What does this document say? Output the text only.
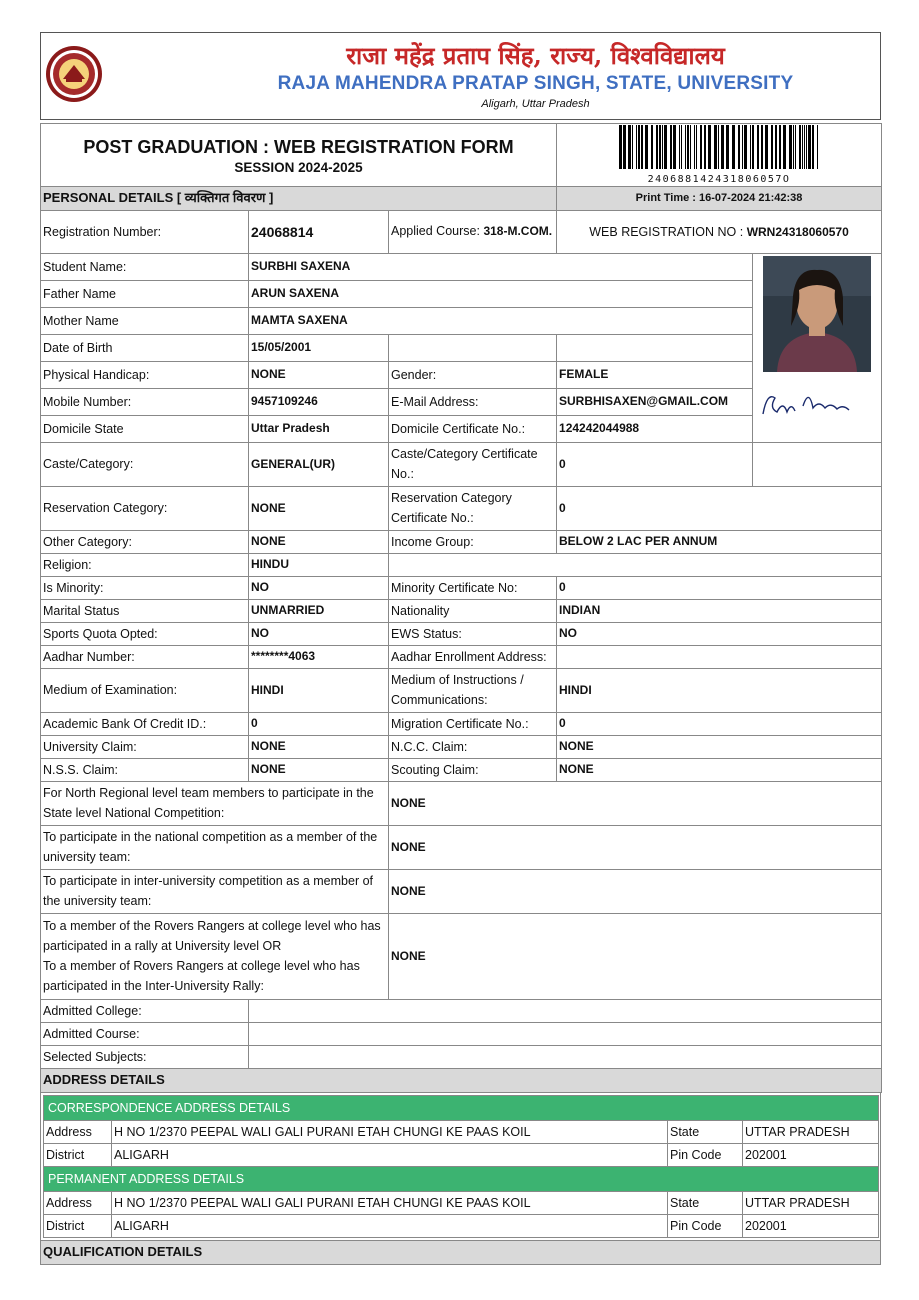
राजा महेंद्र प्रताप सिंह, राज्य, विश्वविद्यालय
RAJA MAHENDRA PRATAP SINGH, STATE, UNIVERSITY
Aligarh, Uttar Pradesh
POST GRADUATION : WEB REGISTRATION FORM
SESSION 2024-2025			240688142431806057O	

PERSONAL DETAILS [ व्यक्तिगत विवरण ]			Print Time : 16-07-2024 21:42:38	
Registration Number:	24068814	Applied Course: 318-M.COM.	WEB REGISTRATION NO : WRN24318060570	
Student Name:	SURBHI SAXENA	

Father Name	ARUN SAXENA			
Mother Name	MAMTA SAXENA			
Date of Birth	15/05/2001			
Physical Handicap:	NONE	Gender:	FEMALE	
Mobile Number:	9457109246	E-Mail Address:	SURBHISAXEN@GMAIL.COM	
Domicile State	Uttar Pradesh	Domicile Certificate No.:	124242044988	
Caste/Category:	GENERAL(UR)	Caste/Category Certificate No.:	0	
Reservation Category:	NONE	Reservation Category Certificate No.:	0	
Other Category:	NONE	Income Group:	BELOW 2 LAC PER ANNUM	
Religion:	HINDU			
Is Minority:	NO	Minority Certificate No:	0	
Marital Status	UNMARRIED	Nationality	INDIAN	
Sports Quota Opted:	NO	EWS Status:	NO	
Aadhar Number:	********4063	Aadhar Enrollment Address:		
Medium of Examination:	HINDI	Medium of Instructions / Communications:	HINDI	
Academic Bank Of Credit ID.:	0	Migration Certificate No.:	0	
University Claim:	NONE	N.C.C. Claim:	NONE	
N.S.S. Claim:	NONE	Scouting Claim:	NONE	
For North Regional level team members to participate in the State level National Competition:		NONE		
To participate in the national competition as a member of the university team:		NONE		
To participate in inter-university competition as a member of the university team:		NONE		

To a member of the Rovers Rangers at college level who has participated in a rally at University level OR
To a member of Rovers Rangers at college level who has participated in the Inter-University Rally:		NONE		
Admitted College:				
Admitted Course:				
Selected Subjects:				
ADDRESS DETAILS				
CORRESPONDENCE ADDRESS DETAILS			
Address	H NO 1/2370 PEEPAL WALI GALI PURANI ETAH CHUNGI KE PAAS KOIL	State	UTTAR PRADESH
District	ALIGARH	Pin Code	202001
PERMANENT ADDRESS DETAILS			
Address	H NO 1/2370 PEEPAL WALI GALI PURANI ETAH CHUNGI KE PAAS KOIL	State	UTTAR PRADESH
District	ALIGARH	Pin Code	202001
QUALIFICATION DETAILS
